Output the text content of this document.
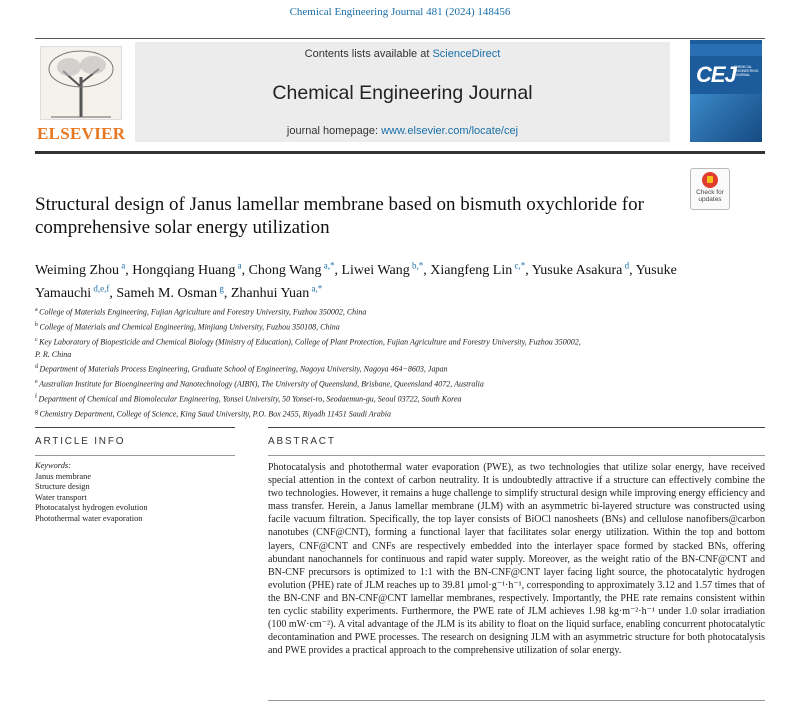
Chemical Engineering Journal 481 (2024) 148456
ELSEVIER
Contents lists available at ScienceDirect
Chemical Engineering Journal
journal homepage: www.elsevier.com/locate/cej
CEJ
CHEMICAL ENGINEERING JOURNAL
Check for updates
Structural design of Janus lamellar membrane based on bismuth oxychloride for comprehensive solar energy utilization
Weiming Zhou $^a$, Hongqiang Huang $^a$, Chong Wang $^{a,*}$, Liwei Wang $^{b,*}$, Xiangfeng Lin $^{c,*}$, Yusuke Asakura $^d$, Yusuke Yamauchi $^{d,e,f}$, Sameh M. Osman $^g$, Zhanhui Yuan $^{a,*}$
$^a$ College of Materials Engineering, Fujian Agriculture and Forestry University, Fuzhou 350002, China
$^b$ College of Materials and Chemical Engineering, Minjiang University, Fuzhou 350108, China
$^c$ Key Laboratory of Biopesticide and Chemical Biology (Ministry of Education), College of Plant Protection, Fujian Agriculture and Forestry University, Fuzhou 350002,
P. R. China
$^d$ Department of Materials Process Engineering, Graduate School of Engineering, Nagoya University, Nagoya 464−8603, Japan
$^e$ Australian Institute for Bioengineering and Nanotechnology (AIBN), The University of Queensland, Brisbane, Queensland 4072, Australia
$^f$ Department of Chemical and Biomolecular Engineering, Yonsei University, 50 Yonsei-ro, Seodaemun-gu, Seoul 03722, South Korea
$^g$ Chemistry Department, College of Science, King Saud University, P.O. Box 2455, Riyadh 11451 Saudi Arabia
ARTICLE INFO	ABSTRACT
Keywords:
Janus membrane
Structure design
Water transport
Photocatalyst hydrogen evolution
Photothermal water evaporation
Photocatalysis and photothermal water evaporation (PWE), as two technologies that utilize solar energy, have received special attention in the context of carbon neutrality. It is undoubtedly attractive if a structure can effectively combine the two technologies. However, it remains a huge challenge to simplify structural design while improving energy efficiency and mass transfer. Herein, a Janus lamellar membrane (JLM) with an asymmetric bi-layered structure was constructed using facile vacuum filtration. Specifically, the top layer consists of BiOCl nanosheets (BNs) and cellulose nanofibers@carbon nanotubes (CNF@CNT), forming a functional layer that facilitates solar energy utilization. Within the top and bottom layers, CNF@CNT and CNFs are respectively embedded into the interlayer space formed by stacked BNs, offering abundant nanochannels for continuous and rapid water supply. Moreover, as the weight ratio of the BN-CNF@CNT and BN-CNF precursors is optimized to 1:1 with the BN-CNF@CNT layer facing light source, the photocatalytic hydrogen evolution (PHE) rate of JLM reaches up to 39.81 μmol·g⁻¹·h⁻¹, corresponding to approximately 3.12 and 1.57 times that of the BN-CNF and BN-CNF@CNT lamellar membranes, respectively. Importantly, the PHE rate remains consistent within ten cyclic stability experiments. Furthermore, the PWE rate of JLM achieves 1.98 kg·m⁻²·h⁻¹ under 1.0 solar irradiation (100 mW·cm⁻²). A vital advantage of the JLM is its ability to float on the liquid surface, enabling concurrent photocatalytic decontamination and PWE processes. The research on designing JLM with an asymmetric structure for both photocatalysis and PWE provides a practical approach to the comprehensive utilization of solar energy.
